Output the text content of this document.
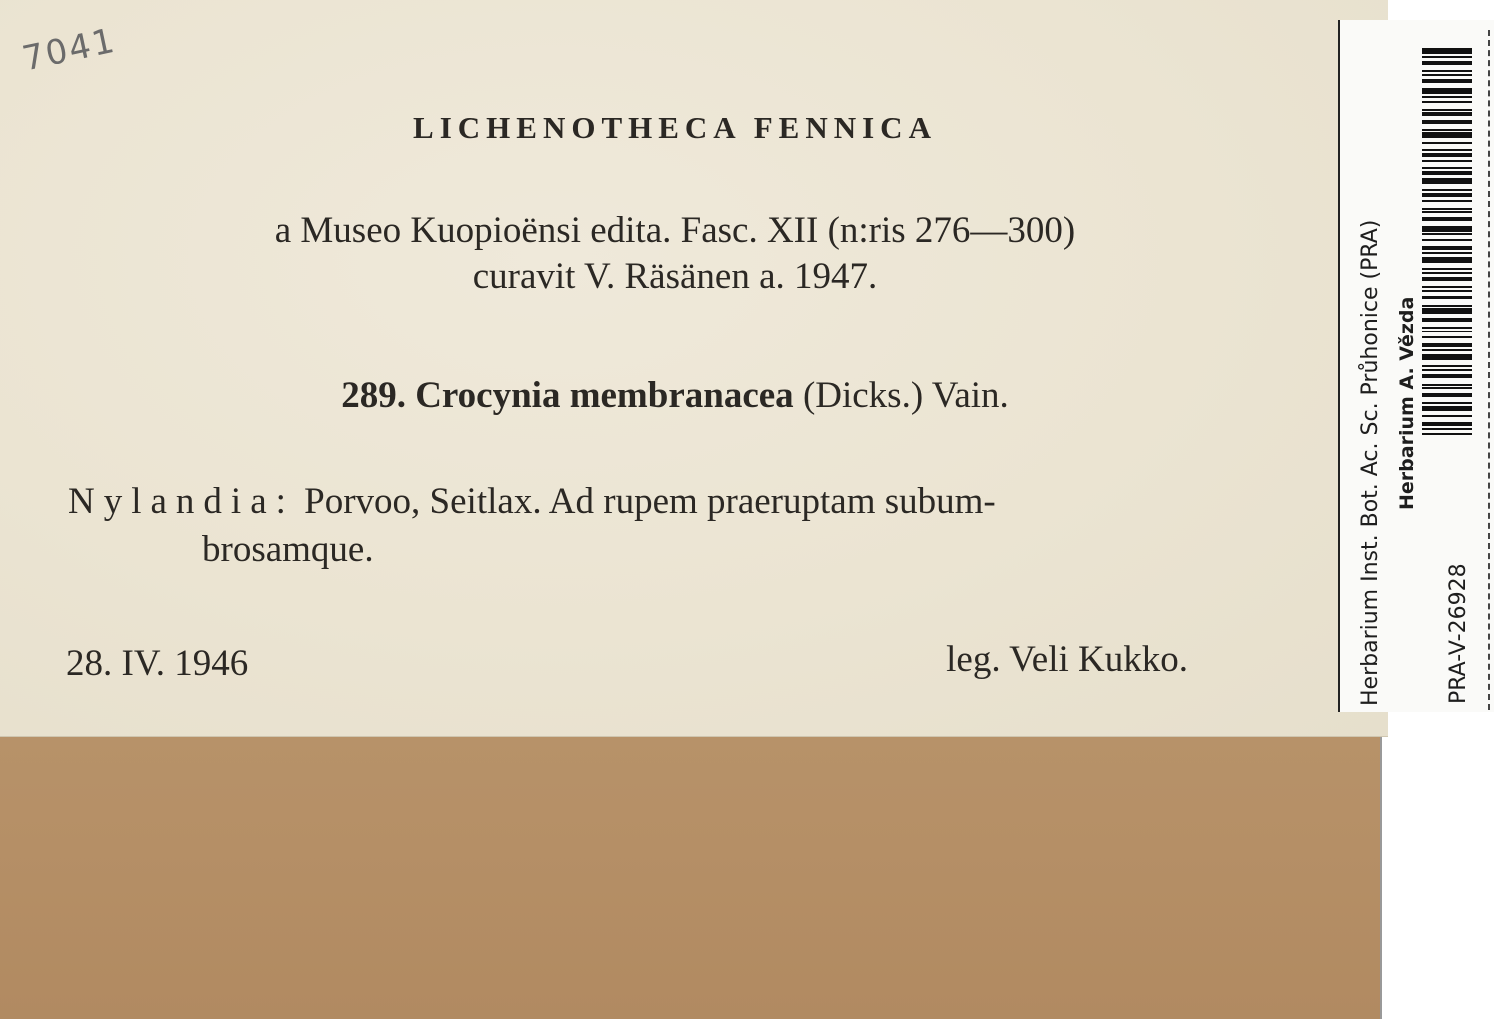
7041
LICHENOTHECA FENNICA
a Museo Kuopioënsi edita. Fasc. XII (n:ris 276—300)
curavit V. Räsänen a. 1947.
289. Crocynia membranacea (Dicks.) Vain.
Nylandia: Porvoo, Seitlax. Ad rupem praeruptam subum-
brosamque.
28. IV. 1946	leg. Veli Kukko.	Herbarium Inst. Bot. Ac. Sc. Průhonice (PRA) Herbarium A. Vězda
PRA-V-26928
